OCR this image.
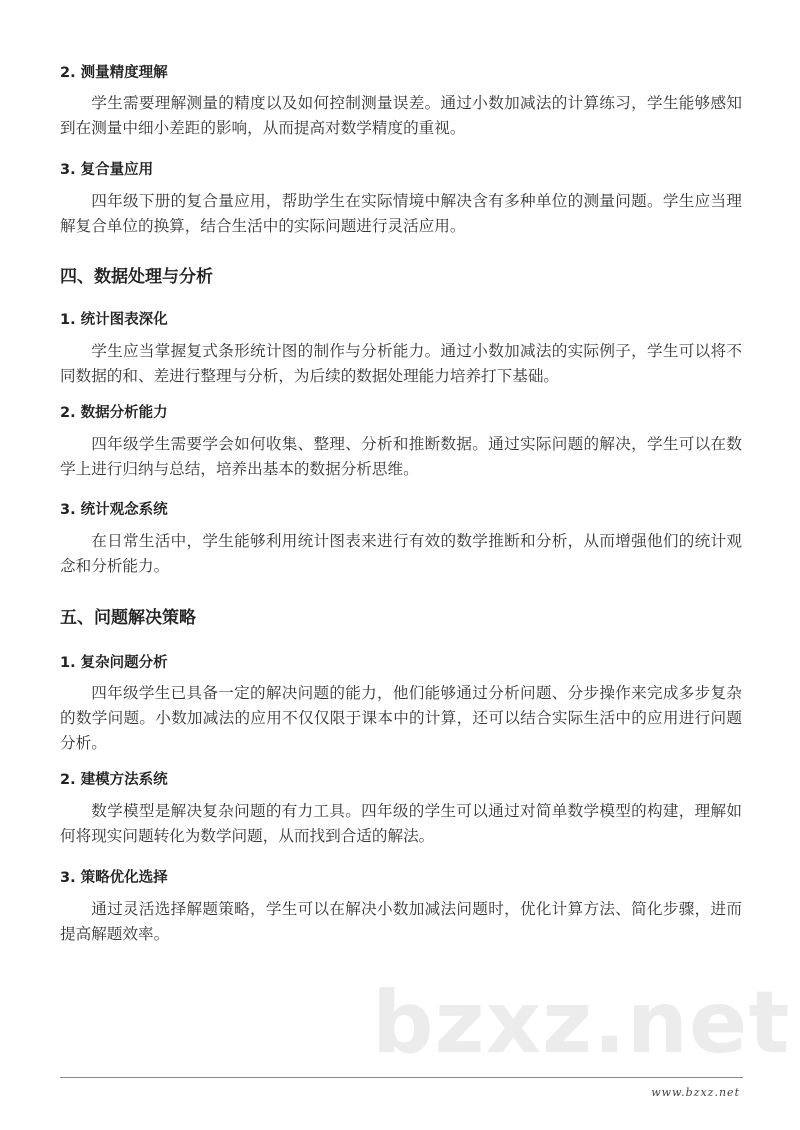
2. 测量精度理解
学生需要理解测量的精度以及如何控制测量误差。通过小数加减法的计算练习，学生能够感知到在测量中细小差距的影响，从而提高对数学精度的重视。
3. 复合量应用
四年级下册的复合量应用，帮助学生在实际情境中解决含有多种单位的测量问题。学生应当理解复合单位的换算，结合生活中的实际问题进行灵活应用。
四、数据处理与分析
1. 统计图表深化
学生应当掌握复式条形统计图的制作与分析能力。通过小数加减法的实际例子，学生可以将不同数据的和、差进行整理与分析，为后续的数据处理能力培养打下基础。
2. 数据分析能力
四年级学生需要学会如何收集、整理、分析和推断数据。通过实际问题的解决，学生可以在数学上进行归纳与总结，培养出基本的数据分析思维。
3. 统计观念系统
在日常生活中，学生能够利用统计图表来进行有效的数学推断和分析，从而增强他们的统计观念和分析能力。
五、问题解决策略
1. 复杂问题分析
四年级学生已具备一定的解决问题的能力，他们能够通过分析问题、分步操作来完成多步复杂的数学问题。小数加减法的应用不仅仅限于课本中的计算，还可以结合实际生活中的应用进行问题分析。
2. 建模方法系统
数学模型是解决复杂问题的有力工具。四年级的学生可以通过对简单数学模型的构建，理解如何将现实问题转化为数学问题，从而找到合适的解法。
3. 策略优化选择
通过灵活选择解题策略，学生可以在解决小数加减法问题时，优化计算方法、简化步骤，进而提高解题效率。
bzxz.net
www.bzxz.net
